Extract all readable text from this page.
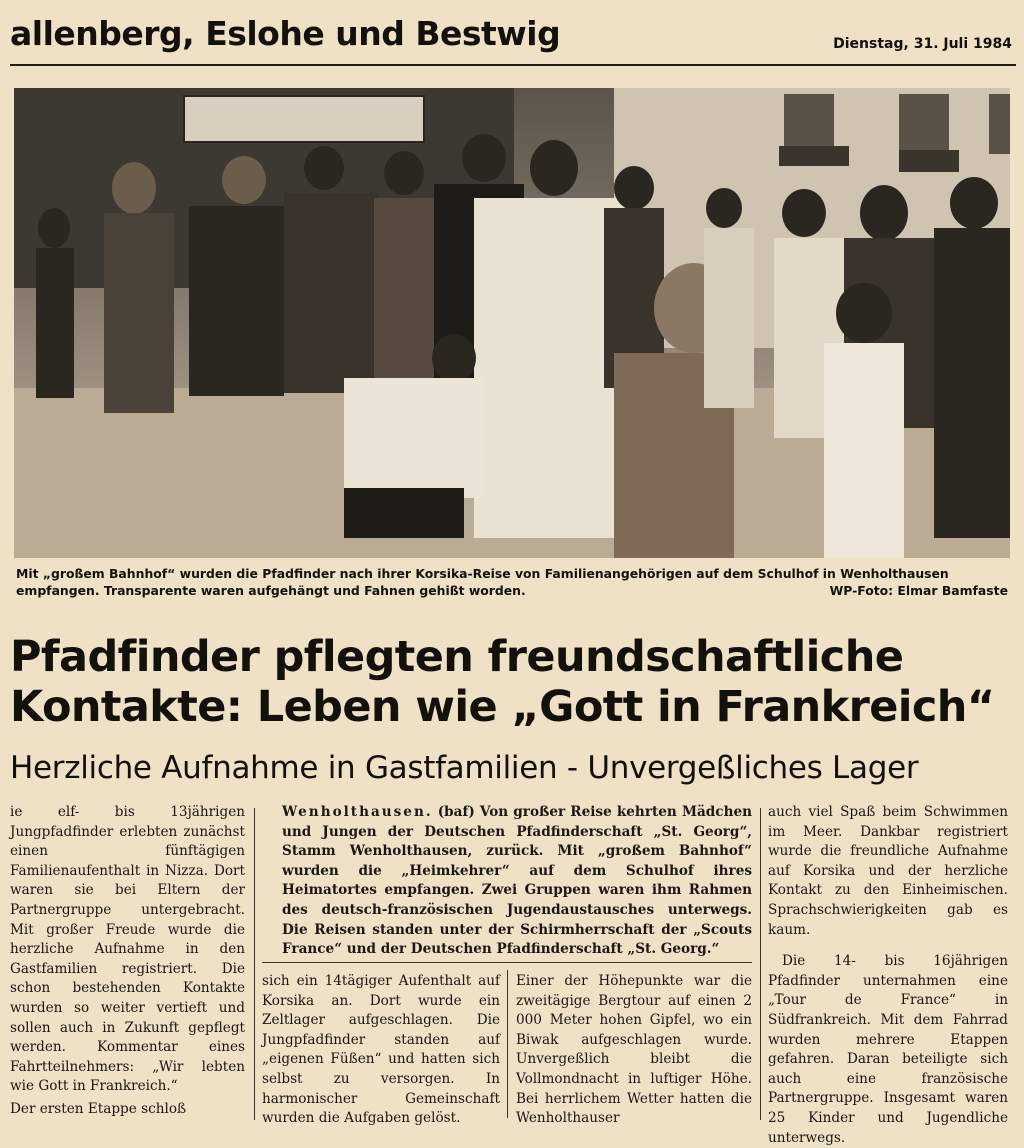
allenberg, Eslohe und Bestwig	Dienstag, 31. Juli 1984
Mit „großem Bahnhof“ wurden die Pfadfinder nach ihrer Korsika-Reise von Familienangehörigen auf dem Schulhof in Wenholthausen empfangen. Transparente waren aufgehängt und Fahnen gehißt worden.	WP-Foto: Elmar Bamfaste
Pfadfinder pflegten freundschaftliche
Kontakte: Leben wie „Gott in Frankreich“
Herzliche Aufnahme in Gastfamilien - Unvergeßliches Lager

ie elf- bis 13jährigen Jungpfadfinder erlebten zunächst einen fünftägigen Familienaufenthalt in Nizza. Dort waren sie bei Eltern der Partnergruppe untergebracht. Mit großer Freude wurde die herzliche Aufnahme in den Gastfamilien registriert. Die schon bestehenden Kontakte wurden so weiter vertieft und sollen auch in Zukunft gepflegt werden. Kommentar eines Fahrtteilnehmers: „Wir lebten wie Gott in Frankreich.“

Der ersten Etappe schloß

Wenholthausen. (baf) Von großer Reise kehrten Mädchen und Jungen der Deutschen Pfadfinderschaft „St. Georg“, Stamm Wenholthausen, zurück. Mit „großem Bahnhof“ wurden die „Heimkehrer“ auf dem Schulhof ihres Heimatortes empfangen. Zwei Gruppen waren ihm Rahmen des deutsch-französischen Jugendaustausches unterwegs. Die Reisen standen unter der Schirmherrschaft der „Scouts France“ und der Deutschen Pfadfinderschaft „St. Georg.“

sich ein 14tägiger Aufenthalt auf Korsika an. Dort wurde ein Zeltlager aufgeschlagen. Die Jungpfadfinder standen auf „eigenen Füßen“ und hatten sich selbst zu versorgen. In harmonischer Gemeinschaft wurden die Aufgaben gelöst.

Einer der Höhepunkte war die zweitägige Bergtour auf einen 2 000 Meter hohen Gipfel, wo ein Biwak aufgeschlagen wurde. Unvergeßlich bleibt die Vollmondnacht in luftiger Höhe. Bei herrlichem Wetter hatten die Wenholthauser

auch viel Spaß beim Schwimmen im Meer. Dankbar registriert wurde die freundliche Aufnahme auf Korsika und der herzliche Kontakt zu den Einheimischen. Sprachschwierigkeiten gab es kaum.

Die 14- bis 16jährigen Pfadfinder unternahmen eine „Tour de France“ in Südfrankreich. Mit dem Fahrrad wurden mehrere Etappen gefahren. Daran beteiligte sich auch eine französische Partnergruppe. Insgesamt waren 25 Kinder und Jugendliche unterwegs.
